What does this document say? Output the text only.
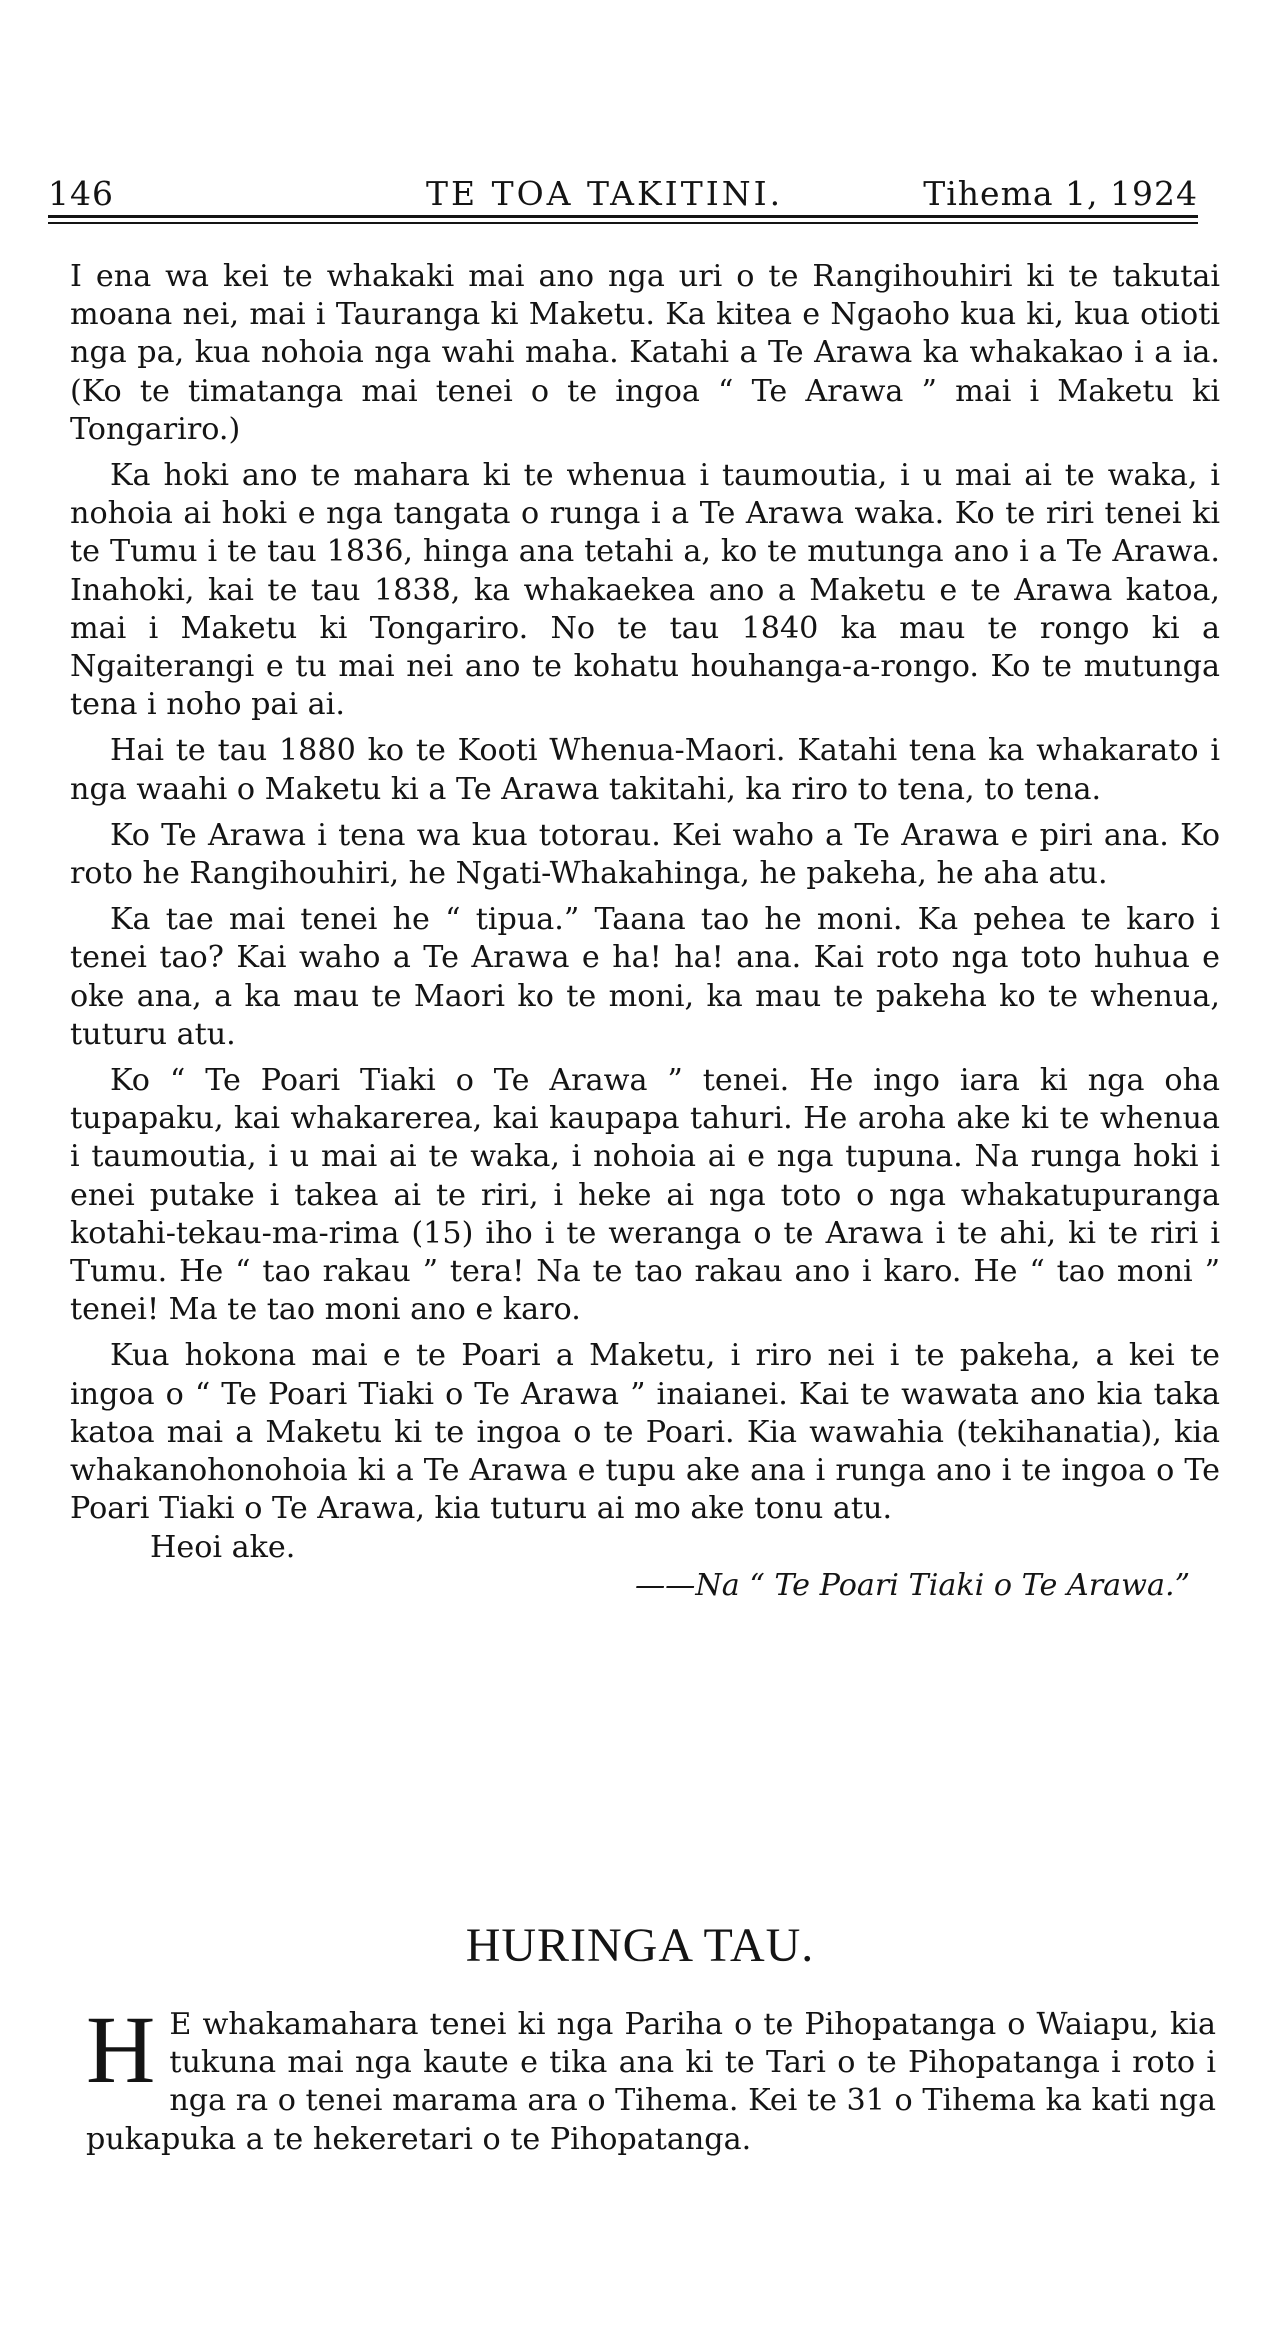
146	TE TOA TAKITINI.	Tihema 1, 1924

I ena wa kei te whakaki mai ano nga uri o te Rangihouhiri ki te takutai moana nei, mai i Tauranga ki Maketu. Ka kitea e Ngaoho kua ki, kua otioti nga pa, kua nohoia nga wahi maha. Katahi a Te Arawa ka whakakao i a ia. (Ko te timatanga mai tenei o te ingoa “ Te Arawa ” mai i Maketu ki Tongariro.)

Ka hoki ano te mahara ki te whenua i taumoutia, i u mai ai te waka, i nohoia ai hoki e nga tangata o runga i a Te Arawa waka. Ko te riri tenei ki te Tumu i te tau 1836, hinga ana tetahi a, ko te mutunga ano i a Te Arawa. Inahoki, kai te tau 1838, ka whakaekea ano a Maketu e te Arawa katoa, mai i Maketu ki Tongariro. No te tau 1840 ka mau te rongo ki a Ngaiterangi e tu mai nei ano te kohatu houhanga-a-rongo. Ko te mutunga tena i noho pai ai.

Hai te tau 1880 ko te Kooti Whenua-Maori. Katahi tena ka whakarato i nga waahi o Maketu ki a Te Arawa takitahi, ka riro to tena, to tena.

Ko Te Arawa i tena wa kua totorau. Kei waho a Te Arawa e piri ana. Ko roto he Rangihouhiri, he Ngati-Whakahinga, he pakeha, he aha atu.

Ka tae mai tenei he “ tipua.” Taana tao he moni. Ka pehea te karo i tenei tao? Kai waho a Te Arawa e ha! ha! ana. Kai roto nga toto huhua e oke ana, a ka mau te Maori ko te moni, ka mau te pakeha ko te whenua, tuturu atu.

Ko “ Te Poari Tiaki o Te Arawa ” tenei. He ingo iara ki nga oha tupapaku, kai whakarerea, kai kaupapa tahuri. He aroha ake ki te whenua i taumoutia, i u mai ai te waka, i nohoia ai e nga tupuna. Na runga hoki i enei putake i takea ai te riri, i heke ai nga toto o nga whakatupuranga kotahi-tekau-ma-rima (15) iho i te weranga o te Arawa i te ahi, ki te riri i Tumu. He “ tao rakau ” tera! Na te tao rakau ano i karo. He “ tao moni ” tenei! Ma te tao moni ano e karo.

Kua hokona mai e te Poari a Maketu, i riro nei i te pakeha, a kei te ingoa o “ Te Poari Tiaki o Te Arawa ” inaianei. Kai te wawata ano kia taka katoa mai a Maketu ki te ingoa o te Poari. Kia wawahia (tekihanatia), kia whakanohonohoia ki a Te Arawa e tupu ake ana i runga ano i te ingoa o Te Poari Tiaki o Te Arawa, kia tuturu ai mo ake tonu atu.

Heoi ake.

——Na “ Te Poari Tiaki o Te Arawa.”

HURINGA TAU.
H E whakamahara tenei ki nga Pariha o te Pihopatanga o Waiapu, kia tukuna mai nga kaute e tika ana ki te Tari o te Pihopatanga i roto i nga ra o tenei marama ara o Tihema. Kei te 31 o Tihema ka kati nga pukapuka a te hekeretari o te Pihopatanga.
